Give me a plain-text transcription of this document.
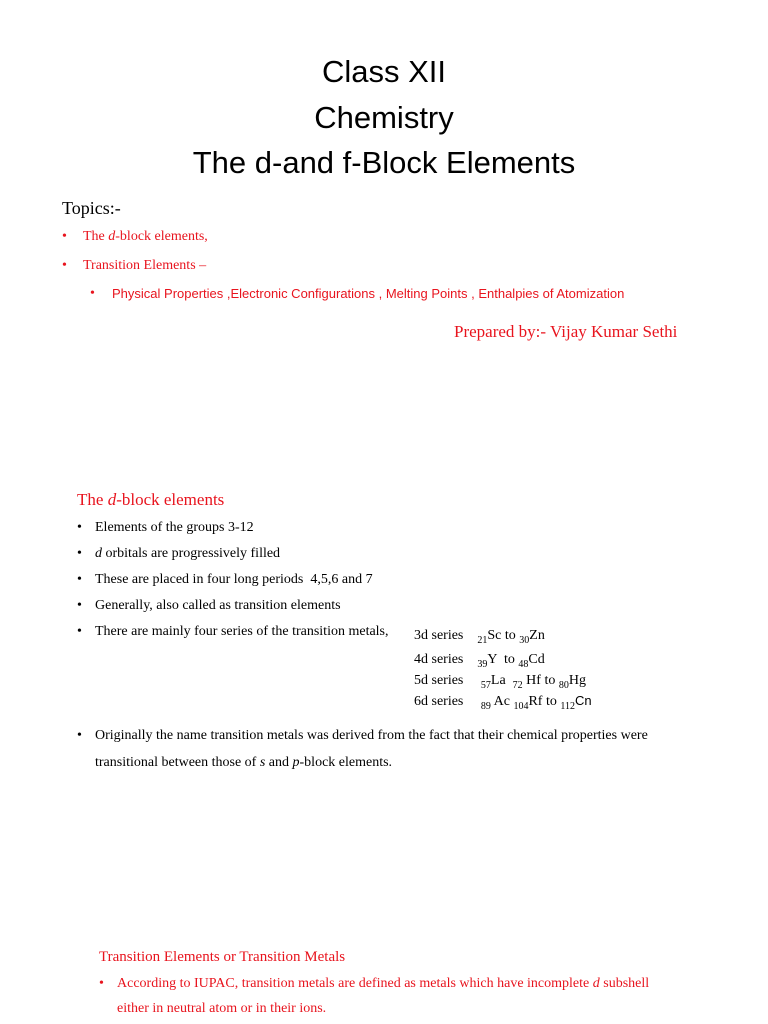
Class XII
Chemistry
The d-and f-Block Elements
Topics:-
• The d-block elements,
• Transition Elements –
• Physical Properties ,Electronic Configurations , Melting Points , Enthalpies of Atomization
Prepared by:- Vijay Kumar Sethi
The d-block elements
• Elements of the groups 3-12
• d orbitals are progressively filled
• These are placed in four long periods  4,5,6 and 7
• Generally, also called as transition elements
• There are mainly four series of the transition metals, 3d series $_{21}$Sc to $_{30}$Zn
4d series $_{39}$Y  to $_{48}$Cd
5d series $_{57}$La $_{72}$ Hf to $_{80}$Hg
6d series $_{89}$ Ac $_{104}$Rf to $_{112}$Cn
• Originally the name transition metals was derived from the fact that their chemical properties were
transitional between those of s and p-block elements.
Transition Elements or Transition Metals
• According to IUPAC, transition metals are defined as metals which have incomplete d subshell
either in neutral atom or in their ions.
